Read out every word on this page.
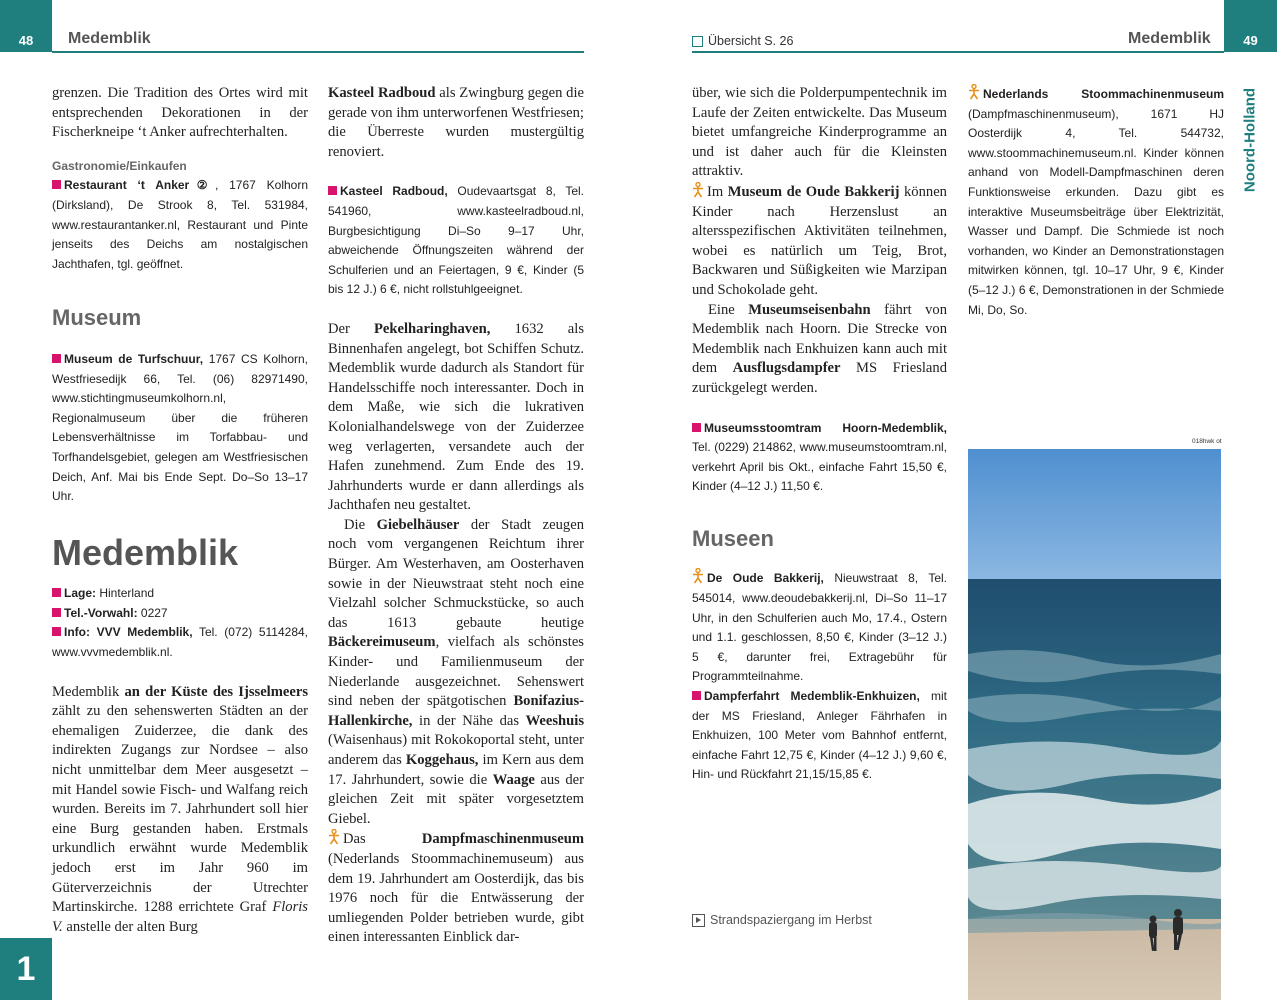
48 Medemblik

grenzen. Die Tradition des Ortes wird mit entsprechenden Dekorationen in der Fischerkneipe ‘t Anker aufrechterhalten.

Gastronomie/Einkaufen
Restaurant ‘t Anker②, 1767 Kolhorn (Dirksland), De Strook 8, Tel. 531984, www.restaurantanker.nl, Restaurant und Pinte jenseits des Deichs am nostalgischen Jachthafen, tgl. geöffnet.
Museum
Museum de Turfschuur, 1767 CS Kolhorn, Westfriesedijk 66, Tel. (06) 82971490, www.stichtingmuseumkolhorn.nl, Regionalmuseum über die früheren Lebensverhältnisse im Torfabbau- und Torfhandelsgebiet, gelegen am Westfriesischen Deich, Anf. Mai bis Ende Sept. Do–So 13–17 Uhr.
Medemblik
Lage: Hinterland
Tel.-Vorwahl: 0227
Info: VVV Medemblik, Tel. (072) 5114284, www.vvvmedemblik.nl.

Medemblik an der Küste des Ijsselmeers zählt zu den sehenswerten Städten an der ehemaligen Zuiderzee, die dank des indirekten Zugangs zur Nordsee – also nicht unmittelbar dem Meer ausgesetzt – mit Handel sowie Fisch- und Walfang reich wurden. Bereits im 7. Jahrhundert soll hier eine Burg gestanden haben. Erstmals urkundlich erwähnt wurde Medemblik jedoch erst im Jahr 960 im Güterverzeichnis der Utrechter Martinskirche. 1288 errichtete Graf Floris V. anstelle der alten Burg

Kasteel Radboud als Zwingburg gegen die gerade von ihm unterworfenen Westfriesen; die Überreste wurden mustergültig renoviert.

Kasteel Radboud, Oudevaartsgat 8, Tel. 541960, www.kasteelradboud.nl, Burgbesichtigung Di–So 9–17 Uhr, abweichende Öffnungszeiten während der Schulferien und an Feiertagen, 9 €, Kinder (5 bis 12 J.) 6 €, nicht rollstuhlgeeignet.

Der Pekelharinghaven, 1632 als Binnenhafen angelegt, bot Schiffen Schutz. Medemblik wurde dadurch als Standort für Handelsschiffe noch interessanter. Doch in dem Maße, wie sich die lukrativen Kolonialhandelswege von der Zuiderzee weg verlagerten, versandete auch der Hafen zunehmend. Zum Ende des 19. Jahrhunderts wurde er dann allerdings als Jachthafen neu gestaltet.

Die Giebelhäuser der Stadt zeugen noch vom vergangenen Reichtum ihrer Bürger. Am Westerhaven, am Oosterhaven sowie in der Nieuwstraat steht noch eine Vielzahl solcher Schmuckstücke, so auch das 1613 gebaute heutige Bäckereimuseum, vielfach als schönstes Kinder- und Familienmuseum der Niederlande ausgezeichnet. Sehenswert sind neben der spätgotischen Bonifazius-Hallenkirche, in der Nähe das Weeshuis (Waisenhaus) mit Rokokoportal steht, unter anderem das Koggehaus, im Kern aus dem 17. Jahrhundert, sowie die Waage aus der gleichen Zeit mit später vorgesetztem Giebel.

Das Dampfmaschinenmuseum (Nederlands Stoommachinemuseum) aus dem 19. Jahrhundert am Oosterdijk, das bis 1976 noch für die Entwässerung der umliegenden Polder betrieben wurde, gibt einen interessanten Einblick dar-

1
Übersicht S. 26	Medemblik	49
Noord-Holland

über, wie sich die Polderpumpentechnik im Laufe der Zeiten entwickelte. Das Museum bietet umfangreiche Kinderprogramme an und ist daher auch für die Kleinsten attraktiv.

Im Museum de Oude Bakkerij können Kinder nach Herzenslust an altersspezifischen Aktivitäten teilnehmen, wobei es natürlich um Teig, Brot, Backwaren und Süßigkeiten wie Marzipan und Schokolade geht.

Eine Museumseisenbahn fährt von Medemblik nach Hoorn. Die Strecke von Medemblik nach Enkhuizen kann auch mit dem Ausflugsdampfer MS Friesland zurückgelegt werden.

Museumsstoomtram Hoorn-Medemblik, Tel. (0229) 214862, www.museumstoomtram.nl, verkehrt April bis Okt., einfache Fahrt 15,50 €, Kinder (4–12 J.) 11,50 €.
Museen
De Oude Bakkerij, Nieuwstraat 8, Tel. 545014, www.deoudebakkerij.nl, Di–So 11–17 Uhr, in den Schulferien auch Mo, 17.4., Ostern und 1.1. geschlossen, 8,50 €, Kinder (3–12 J.) 5 €, darunter frei, Extragebühr für Programmteilnahme.
Dampferfahrt Medemblik-Enkhuizen, mit der MS Friesland, Anleger Fährhafen in Enkhuizen, 100 Meter vom Bahnhof entfernt, einfache Fahrt 12,75 €, Kinder (4–12 J.) 9,60 €, Hin- und Rückfahrt 21,15/15,85 €.
Strandspaziergang im Herbst
Nederlands Stoommachinenmuseum (Dampfmaschinenmuseum), 1671 HJ Oosterdijk 4, Tel. 544732, www.stoommachinemuseum.nl. Kinder können anhand von Modell-Dampfmaschinen deren Funktionsweise erkunden. Dazu gibt es interaktive Museumsbeiträge über Elektrizität, Wasser und Dampf. Die Schmiede ist noch vorhanden, wo Kinder an Demonstrationstagen mitwirken können, tgl. 10–17 Uhr, 9 €, Kinder (5–12 J.) 6 €, Demonstrationen in der Schmiede Mi, Do, So.
018hwk ot
